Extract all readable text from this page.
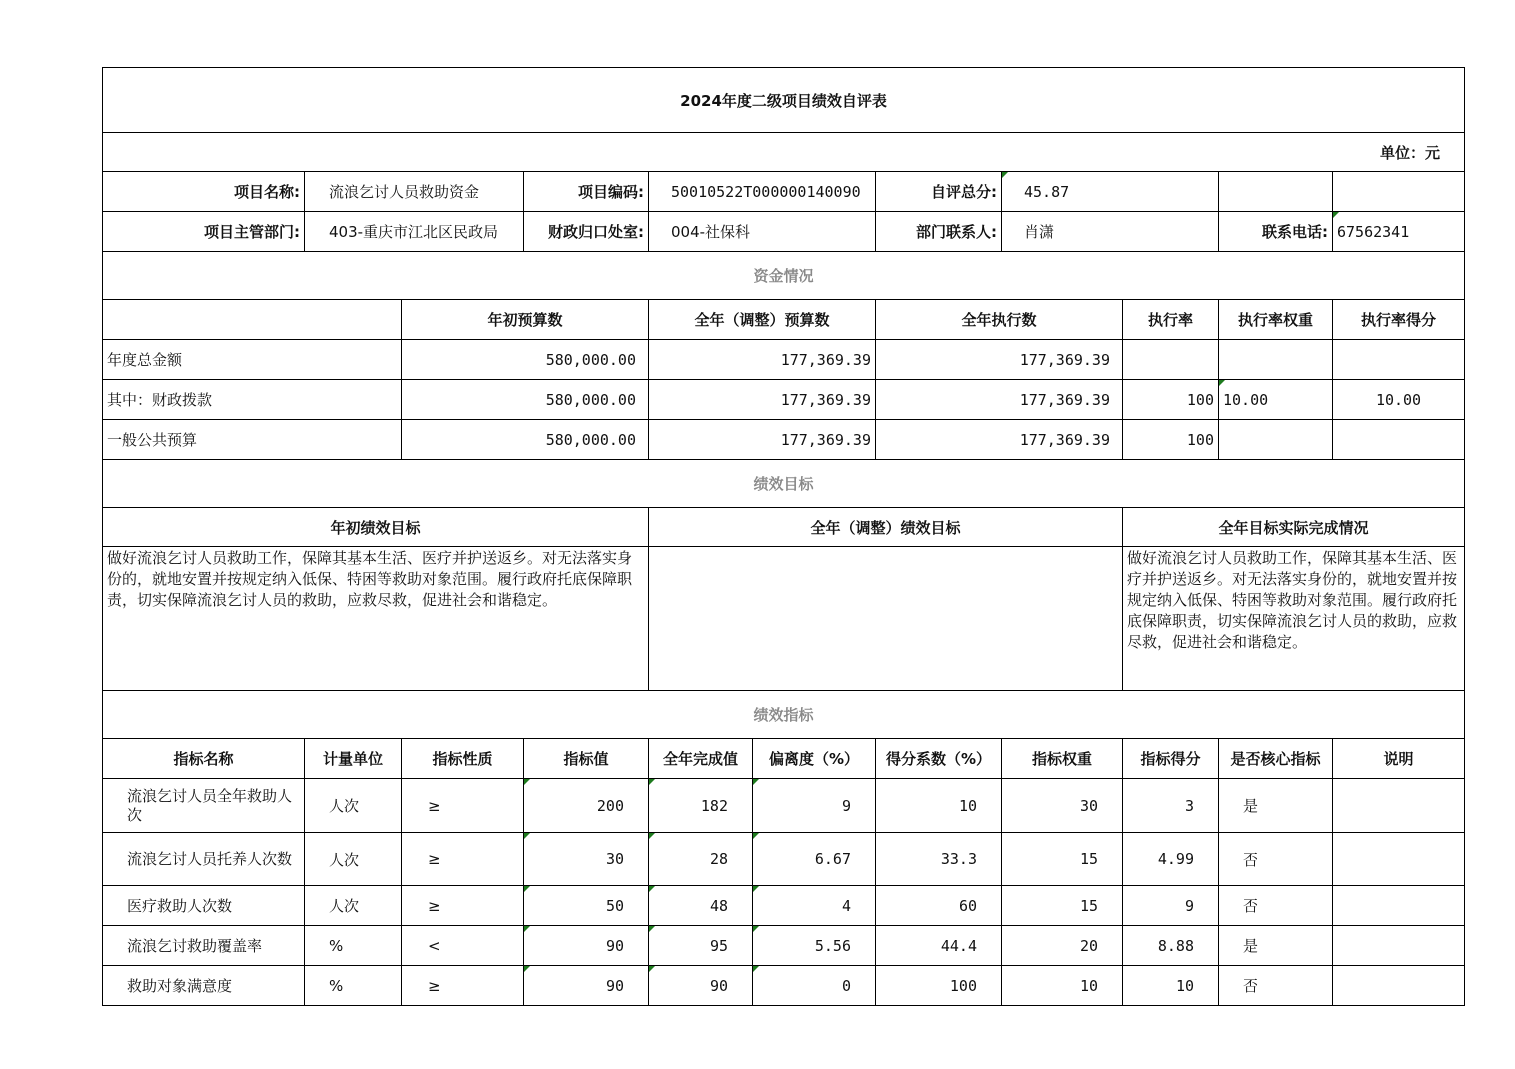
2024年度二级项目绩效自评表										
单位：元										
项目名称:	流浪乞讨人员救助资金		项目编码:	50010522T000000140090		自评总分:	45.87			
项目主管部门:	403-重庆市江北区民政局		财政归口处室:	004-社保科		部门联系人:	肖潇		联系电话:	67562341
资金情况										
		年初预算数		全年（调整）预算数		全年执行数		执行率	执行率权重	执行率得分
年度总金额		580,000.00		177,369.39		177,369.39				
其中：财政拨款		580,000.00		177,369.39		177,369.39		100	10.00	10.00
一般公共预算		580,000.00		177,369.39		177,369.39		100		
绩效目标										
年初绩效目标				全年（调整）绩效目标				全年目标实际完成情况		
做好流浪乞讨人员救助工作，保障其基本生活、医疗并护送返乡。对无法落实身份的，就地安置并按规定纳入低保、特困等救助对象范围。履行政府托底保障职责，切实保障流浪乞讨人员的救助，应救尽救，促进社会和谐稳定。								做好流浪乞讨人员救助工作，保障其基本生活、医疗并护送返乡。对无法落实身份的，就地安置并按规定纳入低保、特困等救助对象范围。履行政府托底保障职责，切实保障流浪乞讨人员的救助，应救尽救，促进社会和谐稳定。		
绩效指标										
指标名称	计量单位	指标性质	指标值	全年完成值	偏离度（%）	得分系数（%）	指标权重	指标得分	是否核心指标	说明
流浪乞讨人员全年救助人次	人次	≥	200	182	9	10	30	3	是	
流浪乞讨人员托养人次数	人次	≥	30	28	6.67	33.3	15	4.99	否	
医疗救助人次数	人次	≥	50	48	4	60	15	9	否	
流浪乞讨救助覆盖率	%	<	90	95	5.56	44.4	20	8.88	是	
救助对象满意度	%	≥	90	90	0	100	10	10	否	
